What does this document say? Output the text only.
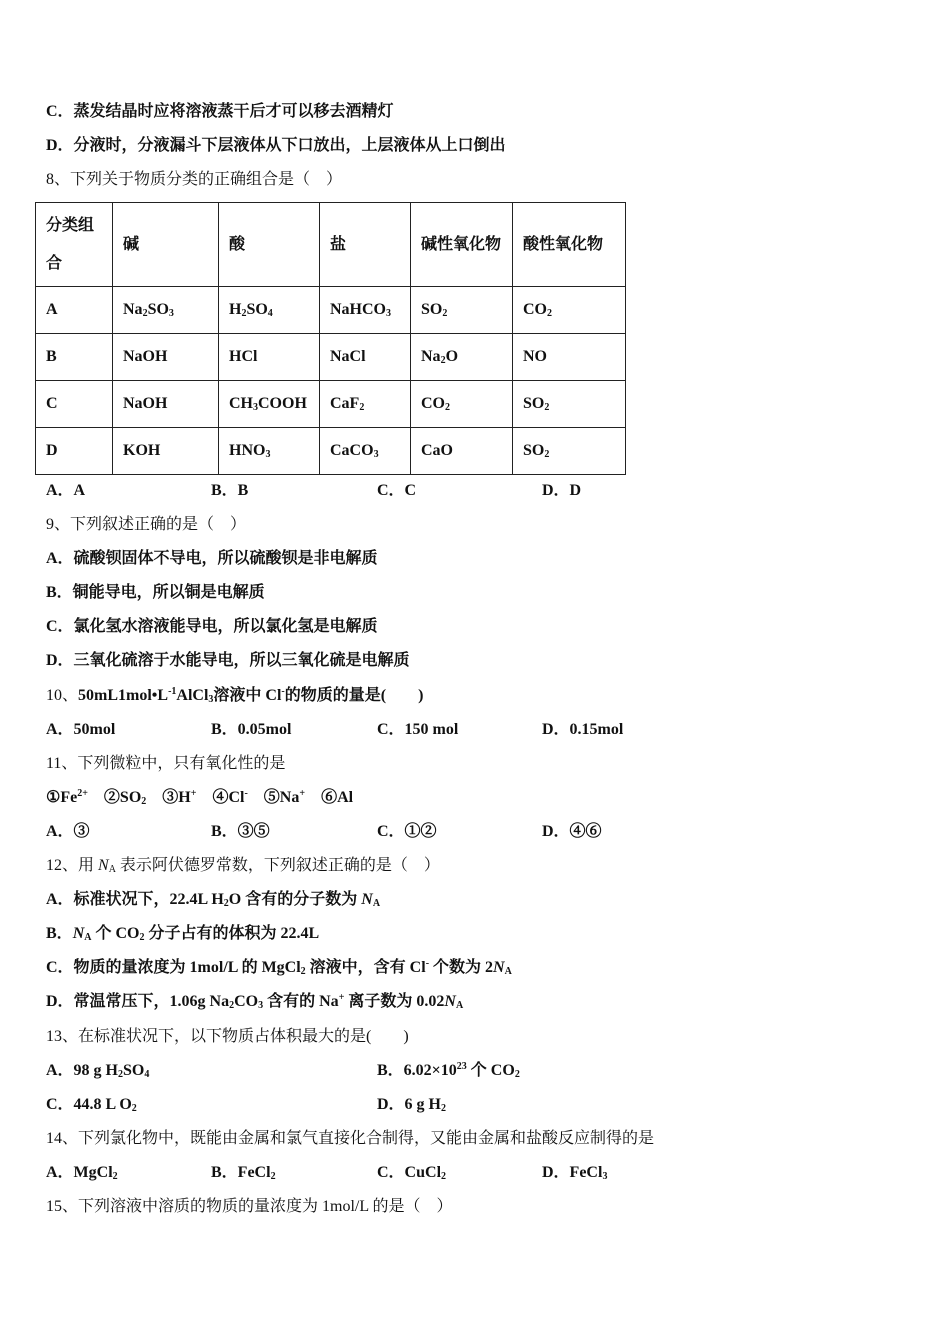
C．蒸发结晶时应将溶液蒸干后才可以移去酒精灯
D．分液时，分液漏斗下层液体从下口放出，上层液体从上口倒出
8、下列关于物质分类的正确组合是（　）
分类组合	碱	酸	盐	碱性氧化物	酸性氧化物
A	$Na_2SO_3$	$H_2SO_4$	NaHCO$_3$	$SO_2$	$CO_2$
B	NaOH	HCl	NaCl	$Na_2O$	NO
C	NaOH	$CH_3COOH$	CaF$_2$	$CO_2$	$SO_2$
D	KOH	$HNO_3$	CaCO$_3$	CaO	$SO_2$
A．A	B．B	C．C	D．D
9、下列叙述正确的是（　）
A．硫酸钡固体不导电，所以硫酸钡是非电解质
B．铜能导电，所以铜是电解质
C．氯化氢水溶液能导电，所以氯化氢是电解质
D．三氧化硫溶于水能导电，所以三氧化硫是电解质
10、$50mL1mol•L^{-1}AlCl_3$溶液中 Cl-的物质的量是(　　)
A．50mol	B．0.05mol	C．150 mol	D．0.15mol
11、下列微粒中，只有氧化性的是
$①Fe^{2+}$　$②SO_2$　③H+　④Cl-　⑤Na+　⑥Al
A．③	B．③⑤	C．①②	D．④⑥
12、用 $N_A$ 表示阿伏德罗常数，下列叙述正确的是（　）
A．标准状况下，22.4L $H_2O$ 含有的分子数为 $N_A$
B．$N_A$ 个 $CO_2$ 分子占有的体积为 22.4L
C．物质的量浓度为 1mol/L 的 MgCl$_2$ 溶液中，含有 Cl- 个数为 $2N_A$
D．常温常压下，1.06g $Na_2CO_3$ 含有的 Na+ 离子数为 $0.02N_A$
13、在标准状况下，以下物质占体积最大的是(　　)
A．98 g $H_2SO_4$	B．$6.02\times 10^{23}$ 个 $CO_2$
C．44.8 L $O_2$	D．6 g $H_2$
14、下列氯化物中，既能由金属和氯气直接化合制得，又能由金属和盐酸反应制得的是
A．MgCl$_2$	B．FeCl$_2$	C．CuCl$_2$	D．FeCl$_3$
15、下列溶液中溶质的物质的量浓度为 1mol/L 的是（　）
